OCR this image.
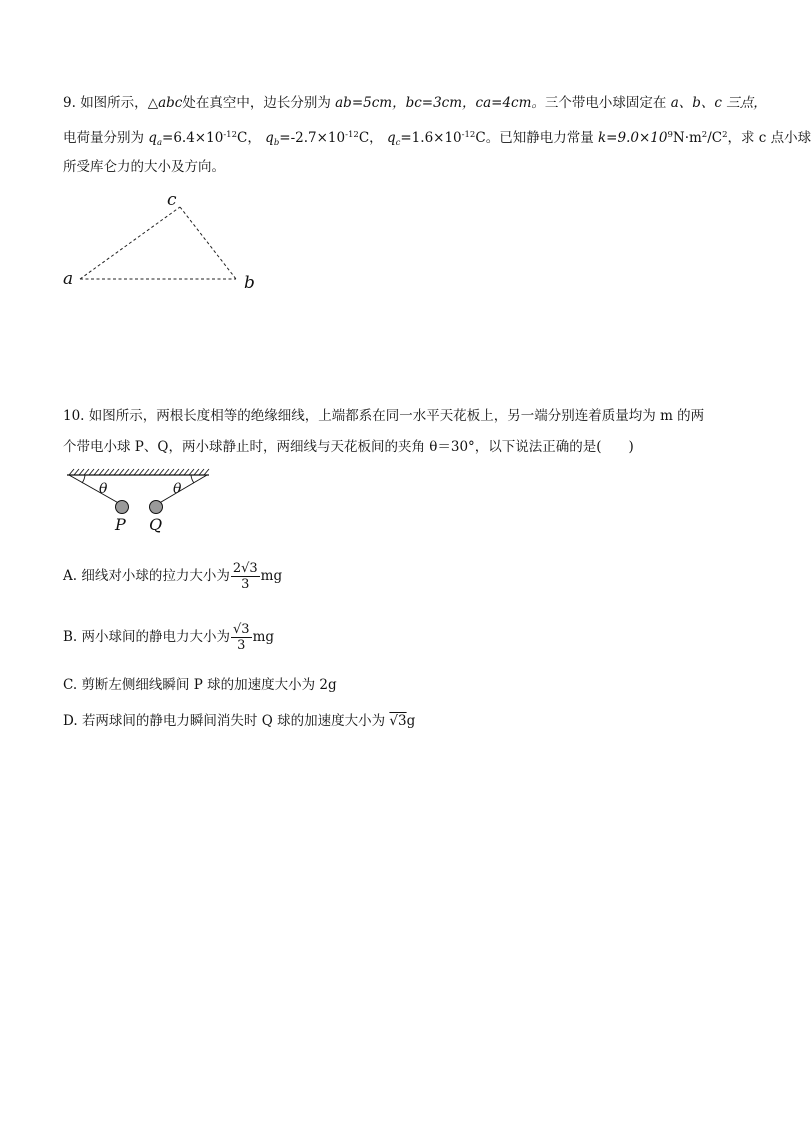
9. 如图所示，△abc处在真空中，边长分别为 ab=5cm，bc=3cm，ca=4cm。三个带电小球固定在 a、b、c 三点，
电荷量分别为 $q_a=6.4\times 10^{-12}C$， $q_b=-2.7\times 10^{-12}C$， $q_c=1.6\times 10^{-12}C$。已知静电力常量 $k=9.0\times 10^9N\cdot m^2/C^2$，求 c 点小球
所受库仑力的大小及方向。
a	b
c
10. 如图所示，两根长度相等的绝缘细线，上端都系在同一水平天花板上，另一端分别连着质量均为 m 的两
个带电小球 P、Q，两小球静止时，两细线与天花板间的夹角 θ＝30°，以下说法正确的是(　　)
θ	θ
P Q
A. 细线对小球的拉力大小为 $\frac{2√3}{3}$ mg
B. 两小球间的静电力大小为 $\frac{√3}{3}$ mg
C. 剪断左侧细线瞬间 P 球的加速度大小为 2g
D. 若两球间的静电力瞬间消失时 Q 球的加速度大小为 √3g
